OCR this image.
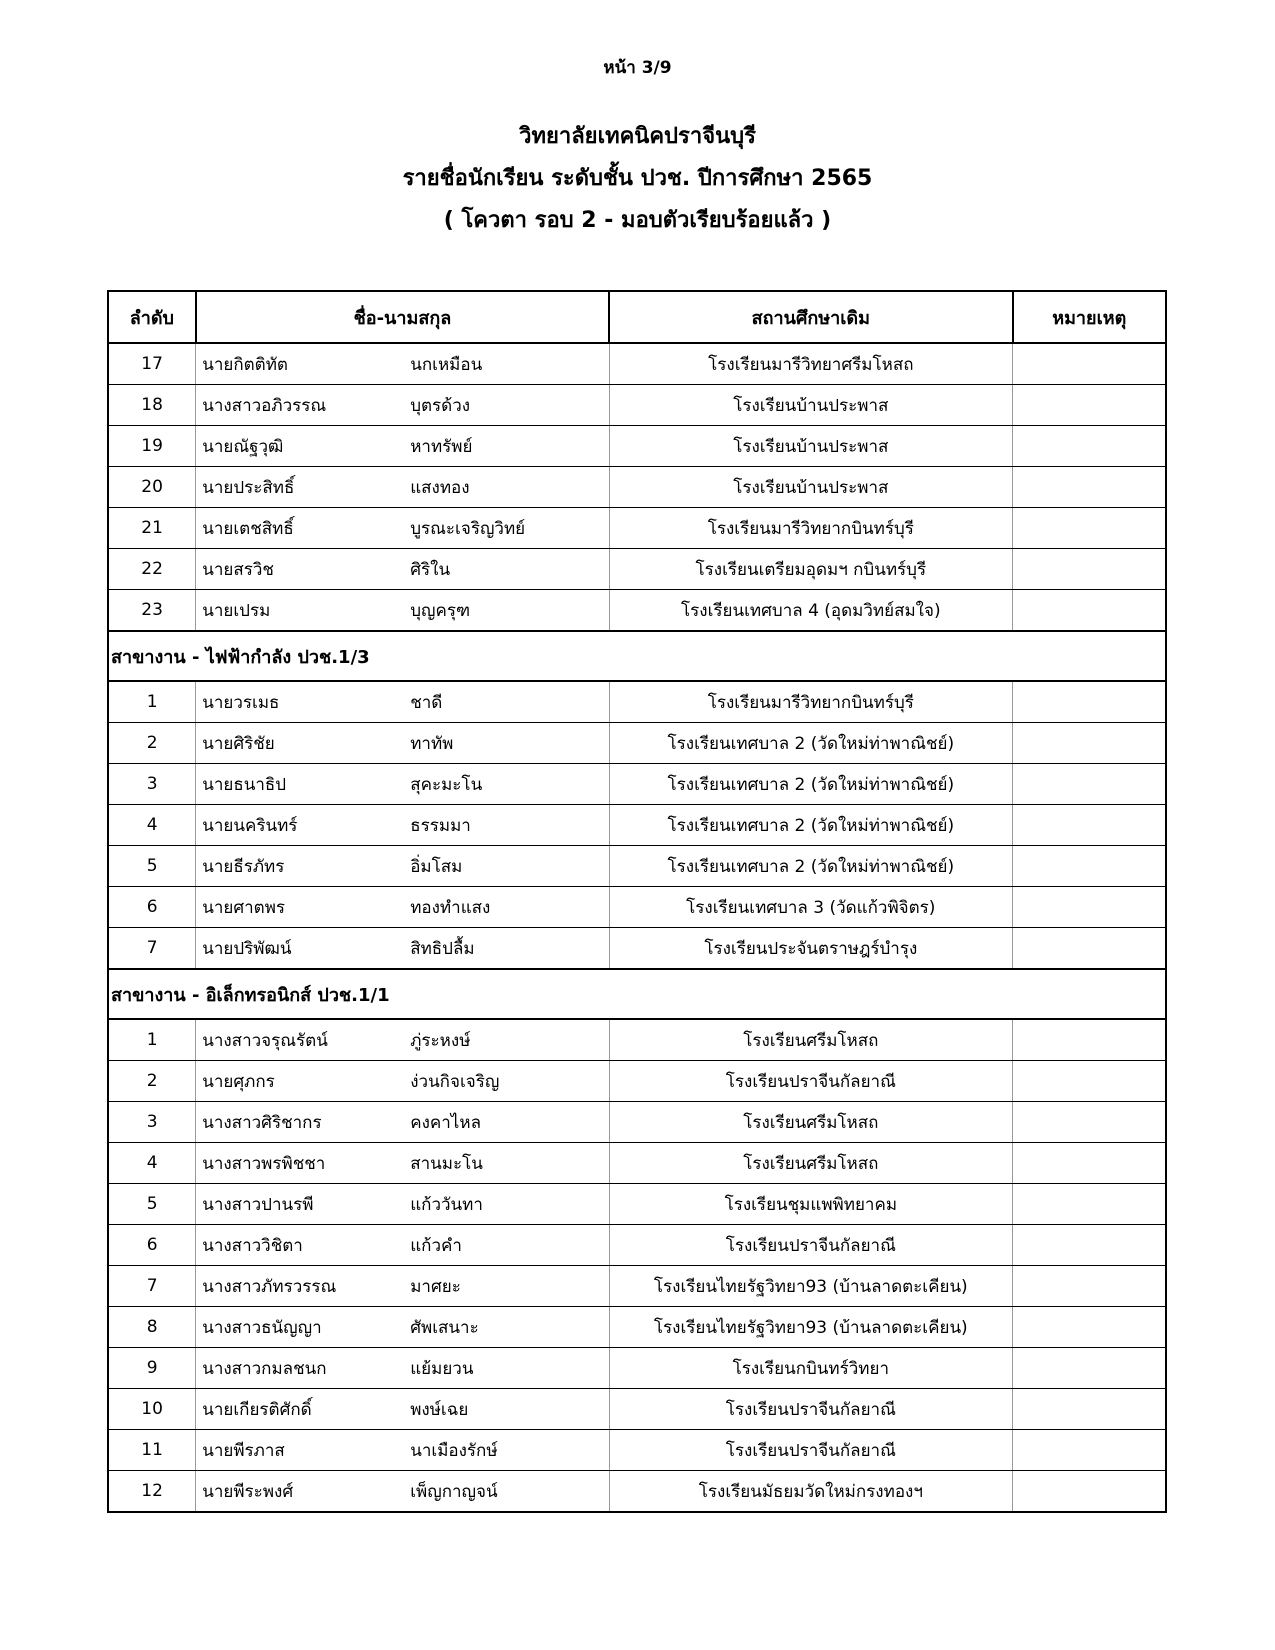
หน้า 3/9
วิทยาลัยเทคนิคปราจีนบุรี
รายชื่อนักเรียน ระดับชั้น ปวช. ปีการศึกษา 2565
( โควตา รอบ 2 - มอบตัวเรียบร้อยแล้ว )
ลำดับ	ชื่อ-นามสกุล	สถานศึกษาเดิม	หมายเหตุ
17	นายกิตติทัต นกเหมือน	โรงเรียนมารีวิทยาศรีมโหสถ	
18	นางสาวอภิวรรณ บุตรด้วง	โรงเรียนบ้านประพาส	
19	นายณัฐวุฒิ หาทรัพย์	โรงเรียนบ้านประพาส	
20	นายประสิทธิ์ แสงทอง	โรงเรียนบ้านประพาส	
21	นายเตชสิทธิ์ บูรณะเจริญวิทย์	โรงเรียนมารีวิทยากบินทร์บุรี	
22	นายสรวิช ศิริใน	โรงเรียนเตรียมอุดมฯ กบินทร์บุรี	
23	นายเปรม บุญครุฑ	โรงเรียนเทศบาล 4 (อุดมวิทย์สมใจ)	
สาขางาน - ไฟฟ้ากำลัง ปวช.1/3			
1	นายวรเมธ ชาดี	โรงเรียนมารีวิทยากบินทร์บุรี	
2	นายศิริชัย ทาทัพ	โรงเรียนเทศบาล 2 (วัดใหม่ท่าพาณิชย์)	
3	นายธนาธิป สุคะมะโน	โรงเรียนเทศบาล 2 (วัดใหม่ท่าพาณิชย์)	
4	นายนครินทร์ ธรรมมา	โรงเรียนเทศบาล 2 (วัดใหม่ท่าพาณิชย์)	
5	นายธีรภัทร อิ่มโสม	โรงเรียนเทศบาล 2 (วัดใหม่ท่าพาณิชย์)	
6	นายศาตพร ทองทำแสง	โรงเรียนเทศบาล 3 (วัดแก้วพิจิตร)	
7	นายปริพัฒน์ สิทธิปลื้ม	โรงเรียนประจันตราษฎร์บำรุง	
สาขางาน - อิเล็กทรอนิกส์ ปวช.1/1			
1	นางสาวจรุณรัตน์ ภู่ระหงษ์	โรงเรียนศรีมโหสถ	
2	นายศุภกร ง่วนกิจเจริญ	โรงเรียนปราจีนกัลยาณี	
3	นางสาวศิริชากร คงคาไหล	โรงเรียนศรีมโหสถ	
4	นางสาวพรพิชชา สานมะโน	โรงเรียนศรีมโหสถ	
5	นางสาวปานรพี แก้ววันทา	โรงเรียนชุมแพพิทยาคม	
6	นางสาววิชิตา แก้วคำ	โรงเรียนปราจีนกัลยาณี	
7	นางสาวภัทรวรรณ มาศยะ	โรงเรียนไทยรัฐวิทยา93 (บ้านลาดตะเคียน)	
8	นางสาวธนัญญา ศัพเสนาะ	โรงเรียนไทยรัฐวิทยา93 (บ้านลาดตะเคียน)	
9	นางสาวกมลชนก แย้มยวน	โรงเรียนกบินทร์วิทยา	
10	นายเกียรติศักดิ์ พงษ์เฉย	โรงเรียนปราจีนกัลยาณี	
11	นายพีรภาส นาเมืองรักษ์	โรงเรียนปราจีนกัลยาณี	
12	นายพีระพงศ์ เพ็ญกาญจน์	โรงเรียนมัธยมวัดใหม่กรงทองฯ	
